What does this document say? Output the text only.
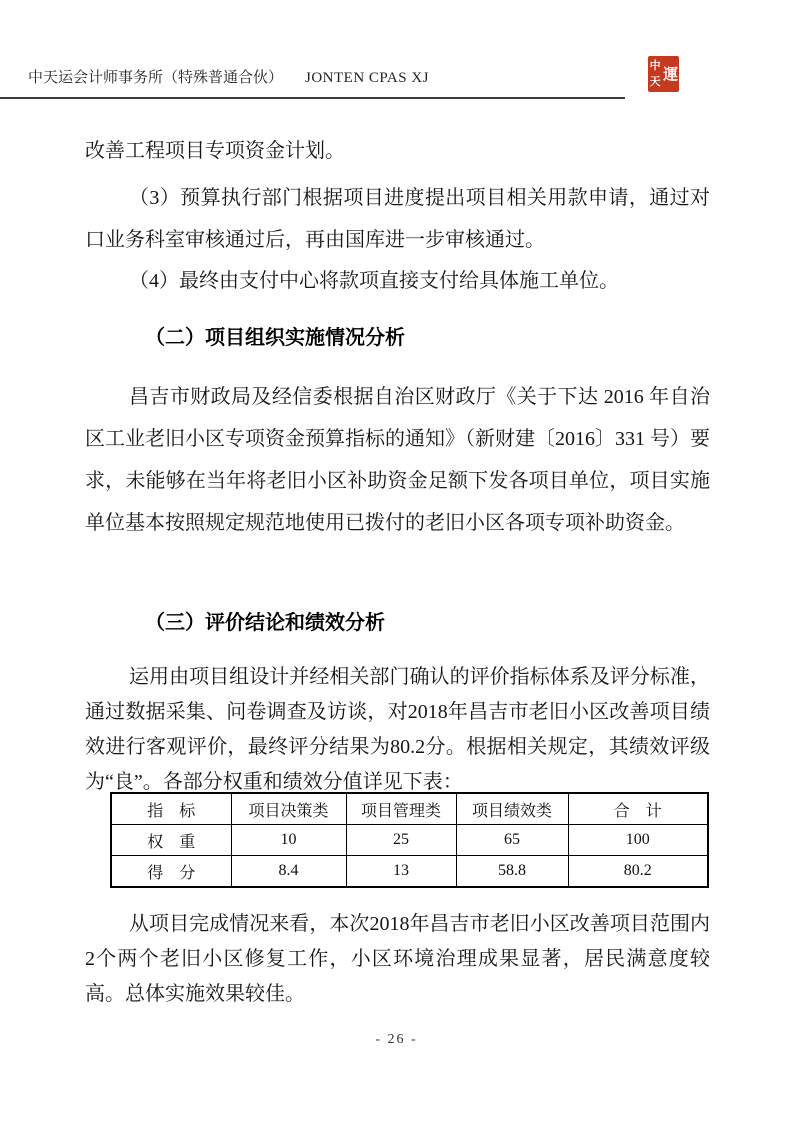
中天运会计师事务所（特殊普通合伙） JONTEN CPAS XJ
中
天 運

改善工程项目专项资金计划。

（3）预算执行部门根据项目进度提出项目相关用款申请，通过对口业务科室审核通过后，再由国库进一步审核通过。

（4）最终由支付中心将款项直接支付给具体施工单位。

（二）项目组织实施情况分析

昌吉市财政局及经信委根据自治区财政厅《关于下达 2016 年自治区工业老旧小区专项资金预算指标的通知》（新财建〔2016〕331 号）要求，未能够在当年将老旧小区补助资金足额下发各项目单位，项目实施单位基本按照规定规范地使用已拨付的老旧小区各项专项补助资金。

（三）评价结论和绩效分析

运用由项目组设计并经相关部门确认的评价指标体系及评分标准，通过数据采集、问卷调查及访谈，对2018年昌吉市老旧小区改善项目绩效进行客观评价，最终评分结果为80.2分。根据相关规定，其绩效评级为“良”。各部分权重和绩效分值详见下表：

指　标	项目决策类	项目管理类	项目绩效类	合　计
权　重	10	25	65	100
得　分	8.4	13	58.8	80.2

从项目完成情况来看，本次2018年昌吉市老旧小区改善项目范围内2个两个老旧小区修复工作，小区环境治理成果显著，居民满意度较高。总体实施效果较佳。

- 26 -
